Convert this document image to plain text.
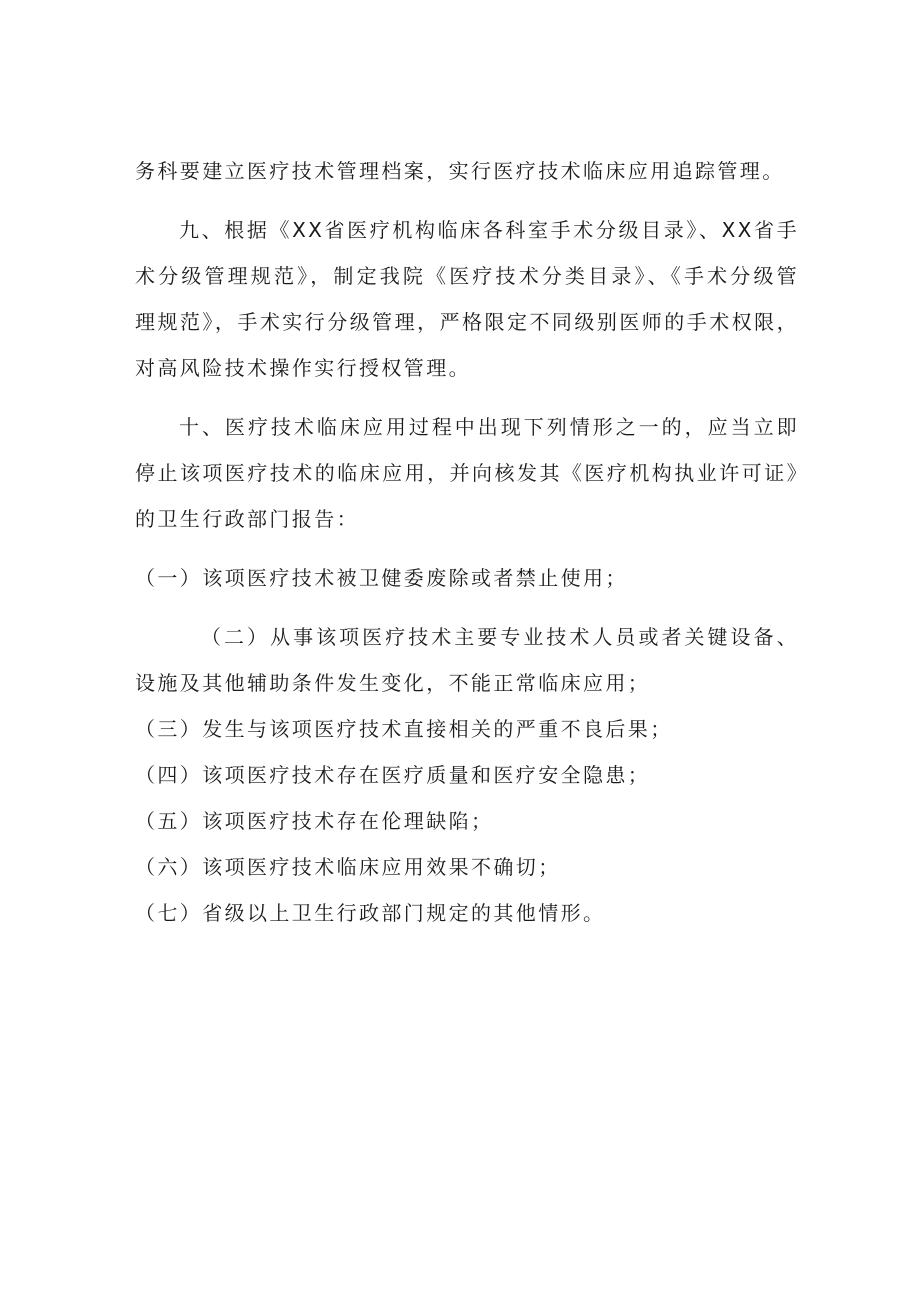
务科要建立医疗技术管理档案，实行医疗技术临床应用追踪管理。

九、根据《XX省医疗机构临床各科室手术分级目录》、XX省手术分级管理规范》，制定我院《医疗技术分类目录》、《手术分级管理规范》，手术实行分级管理，严格限定不同级别医师的手术权限，对高风险技术操作实行授权管理。

十、医疗技术临床应用过程中出现下列情形之一的，应当立即停止该项医疗技术的临床应用，并向核发其《医疗机构执业许可证》的卫生行政部门报告：

（一）该项医疗技术被卫健委废除或者禁止使用；

（二）从事该项医疗技术主要专业技术人员或者关键设备、设施及其他辅助条件发生变化，不能正常临床应用；

（三）发生与该项医疗技术直接相关的严重不良后果；

（四）该项医疗技术存在医疗质量和医疗安全隐患；

（五）该项医疗技术存在伦理缺陷；

（六）该项医疗技术临床应用效果不确切；

（七）省级以上卫生行政部门规定的其他情形。
